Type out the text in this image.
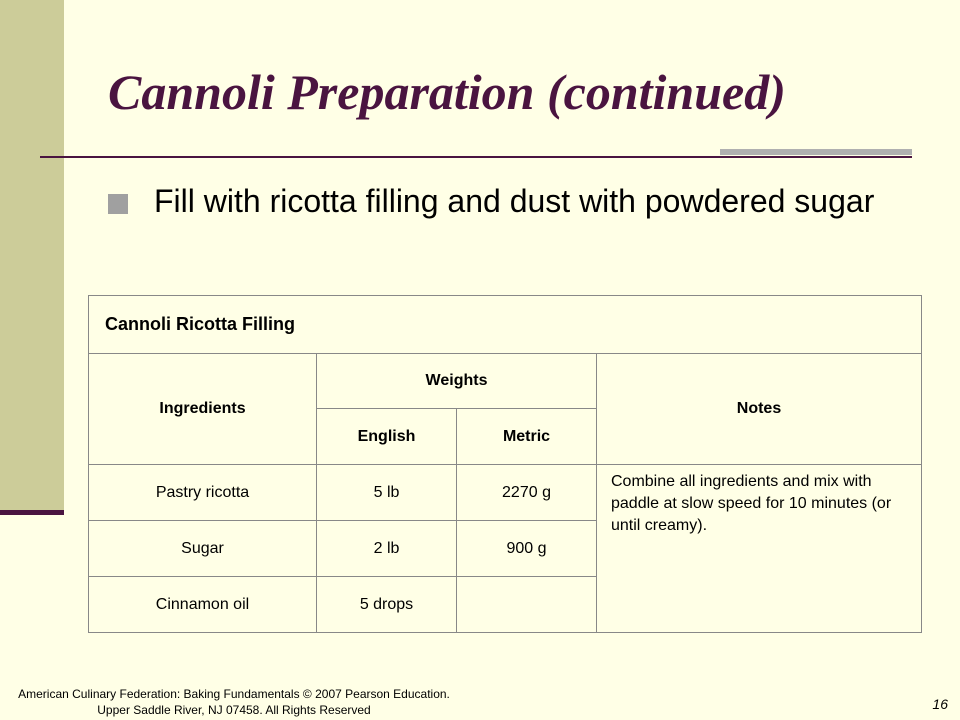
Cannoli Preparation (continued)

Fill with ricotta filling and dust with powdered sugar

Cannoli Ricotta Filling			
Ingredients	Weights		Notes
	English	Metric	
Pastry ricotta	5 lb	2270 g	Combine all ingredients and mix with paddle at slow speed for 10 minutes (or until creamy).
Sugar	2 lb	900 g	
Cinnamon oil	5 drops		

American Culinary Federation: Baking Fundamentals © 2007 Pearson Education. Upper Saddle River, NJ 07458. All Rights Reserved	16
